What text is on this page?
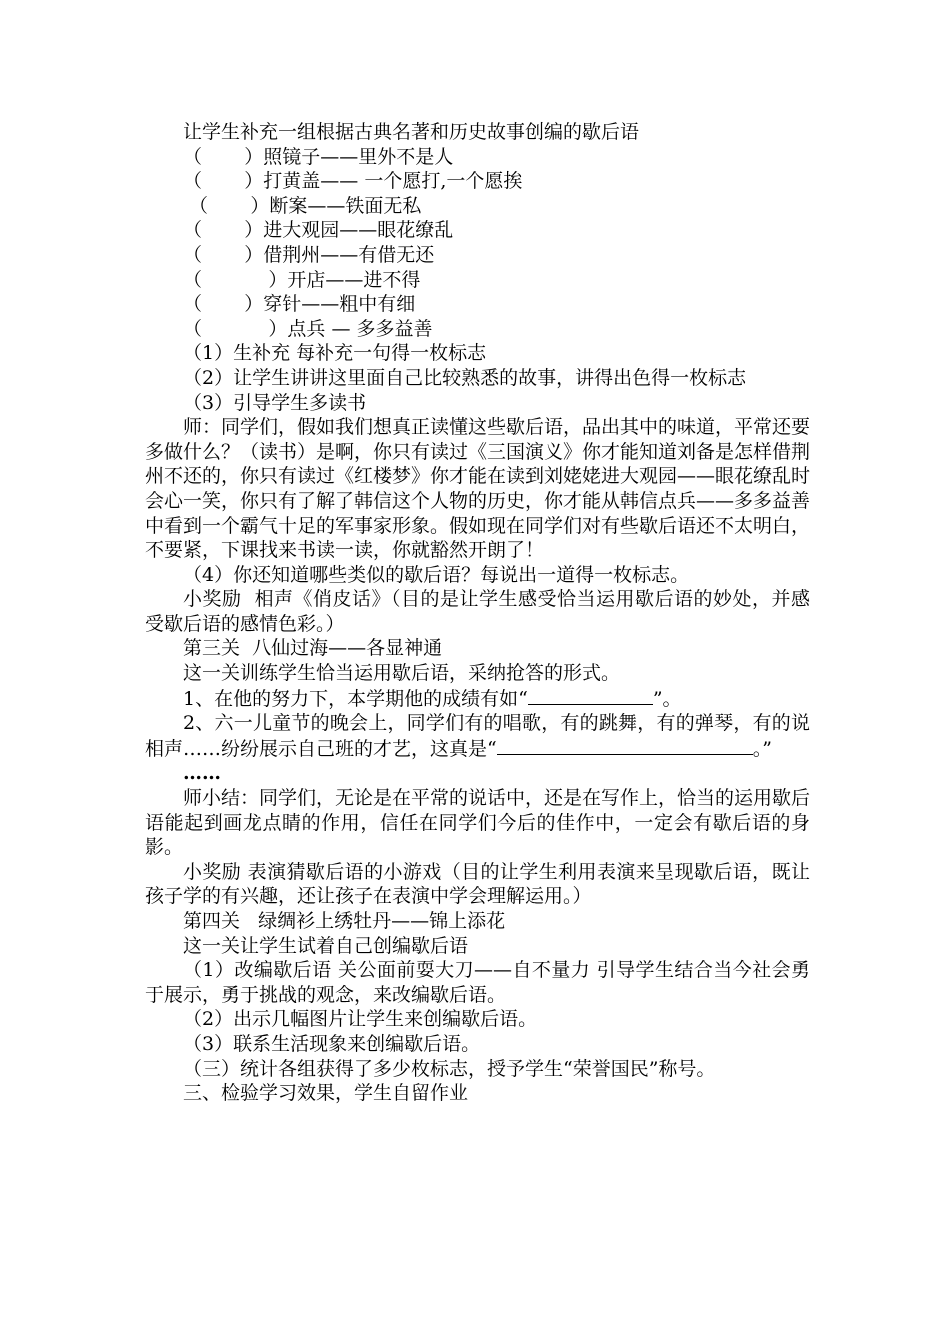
让学生补充一组根据古典名著和历史故事创编的歇后语

（       ）照镜子——里外不是人

（       ）打黄盖—— 一个愿打,一个愿挨

（       ）断案——铁面无私

（       ）进大观园——眼花缭乱

（       ）借荆州——有借无还

（           ）开店——进不得

（       ）穿针——粗中有细

（           ）点兵 — 多多益善

（1）生补充 每补充一句得一枚标志

（2）让学生讲讲这里面自己比较熟悉的故事，讲得出色得一枚标志

（3）引导学生多读书

师：同学们，假如我们想真正读懂这些歇后语，品出其中的味道，平常还要多做什么？（读书）是啊，你只有读过《三国演义》你才能知道刘备是怎样借荆州不还的，你只有读过《红楼梦》你才能在读到刘姥姥进大观园——眼花缭乱时会心一笑，你只有了解了韩信这个人物的历史，你才能从韩信点兵——多多益善中看到一个霸气十足的军事家形象。假如现在同学们对有些歇后语还不太明白，不要紧，下课找来书读一读，你就豁然开朗了！

（4）你还知道哪些类似的歇后语？每说出一道得一枚标志。

小奖励  相声《俏皮话》（目的是让学生感受恰当运用歇后语的妙处，并感受歇后语的感情色彩。）

第三关  八仙过海——各显神通

这一关训练学生恰当运用歇后语，采纳抢答的形式。

1、在他的努力下，本学期他的成绩有如“	”。

2、六一儿童节的晚会上，同学们有的唱歌，有的跳舞，有的弹琴，有的说相声……纷纷展示自己班的才艺，这真是“	。”

……

师小结：同学们，无论是在平常的说话中，还是在写作上，恰当的运用歇后语能起到画龙点睛的作用，信任在同学们今后的佳作中，一定会有歇后语的身影。

小奖励 表演猜歇后语的小游戏（目的让学生利用表演来呈现歇后语，既让孩子学的有兴趣，还让孩子在表演中学会理解运用。）

第四关   绿绸衫上绣牡丹——锦上添花

这一关让学生试着自己创编歇后语

（1）改编歇后语 关公面前耍大刀——自不量力 引导学生结合当今社会勇于展示，勇于挑战的观念，来改编歇后语。

（2）出示几幅图片让学生来创编歇后语。

（3）联系生活现象来创编歇后语。

（三）统计各组获得了多少枚标志，授予学生“荣誉国民”称号。

三、检验学习效果，学生自留作业
